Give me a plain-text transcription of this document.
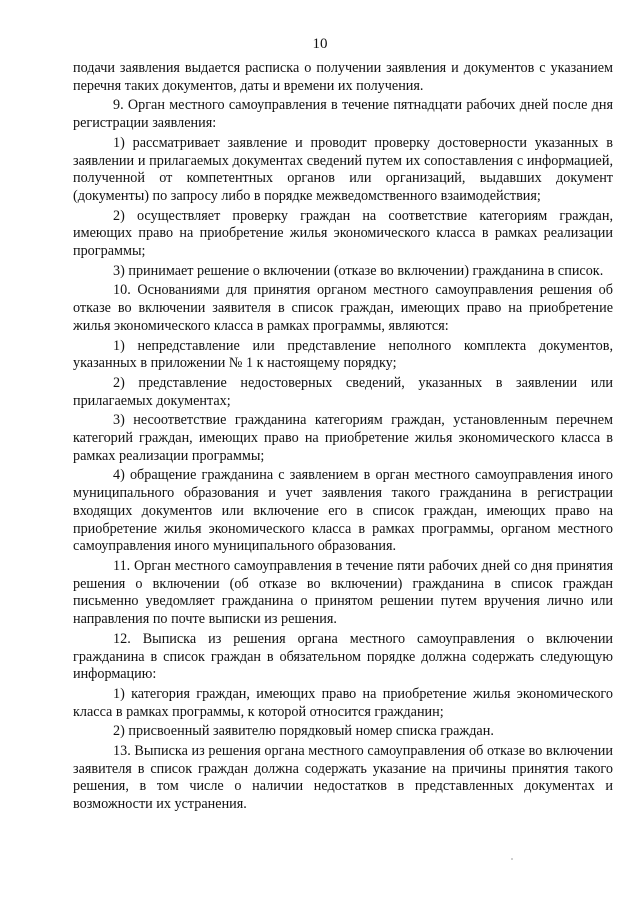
10

подачи заявления выдается расписка о получении заявления и документов с указанием перечня таких документов, даты и времени их получения.

9. Орган местного самоуправления в течение пятнадцати рабочих дней после дня регистрации заявления:

1) рассматривает заявление и проводит проверку достоверности указанных в заявлении и прилагаемых документах сведений путем их сопоставления с информацией, полученной от компетентных органов или организаций, выдавших документ (документы) по запросу либо в порядке межведомственного взаимодействия;

2) осуществляет проверку граждан на соответствие категориям граждан, имеющих право на приобретение жилья экономического класса в рамках реализации программы;

3) принимает решение о включении (отказе во включении) гражданина в список.

10. Основаниями для принятия органом местного самоуправления решения об отказе во включении заявителя в список граждан, имеющих право на приобретение жилья экономического класса в рамках программы, являются:

1) непредставление или представление неполного комплекта документов, указанных в приложении № 1 к настоящему порядку;

2) представление недостоверных сведений, указанных в заявлении или прилагаемых документах;

3) несоответствие гражданина категориям граждан, установленным перечнем категорий граждан, имеющих право на приобретение жилья экономического класса в рамках реализации программы;

4) обращение гражданина с заявлением в орган местного самоуправления иного муниципального образования и учет заявления такого гражданина в регистрации входящих документов или включение его в список граждан, имеющих право на приобретение жилья экономического класса в рамках программы, органом местного самоуправления иного муниципального образования.

11. Орган местного самоуправления в течение пяти рабочих дней со дня принятия решения о включении (об отказе во включении) гражданина в список граждан письменно уведомляет гражданина о принятом решении путем вручения лично или направления по почте выписки из решения.

12. Выписка из решения органа местного самоуправления о включении гражданина в список граждан в обязательном порядке должна содержать следующую информацию:

1) категория граждан, имеющих право на приобретение жилья экономического класса в рамках программы, к которой относится гражданин;

2) присвоенный заявителю порядковый номер списка граждан.

13. Выписка из решения органа местного самоуправления об отказе во включении заявителя в список граждан должна содержать указание на причины принятия такого решения, в том числе о наличии недостатков в представленных документах и возможности их устранения.
